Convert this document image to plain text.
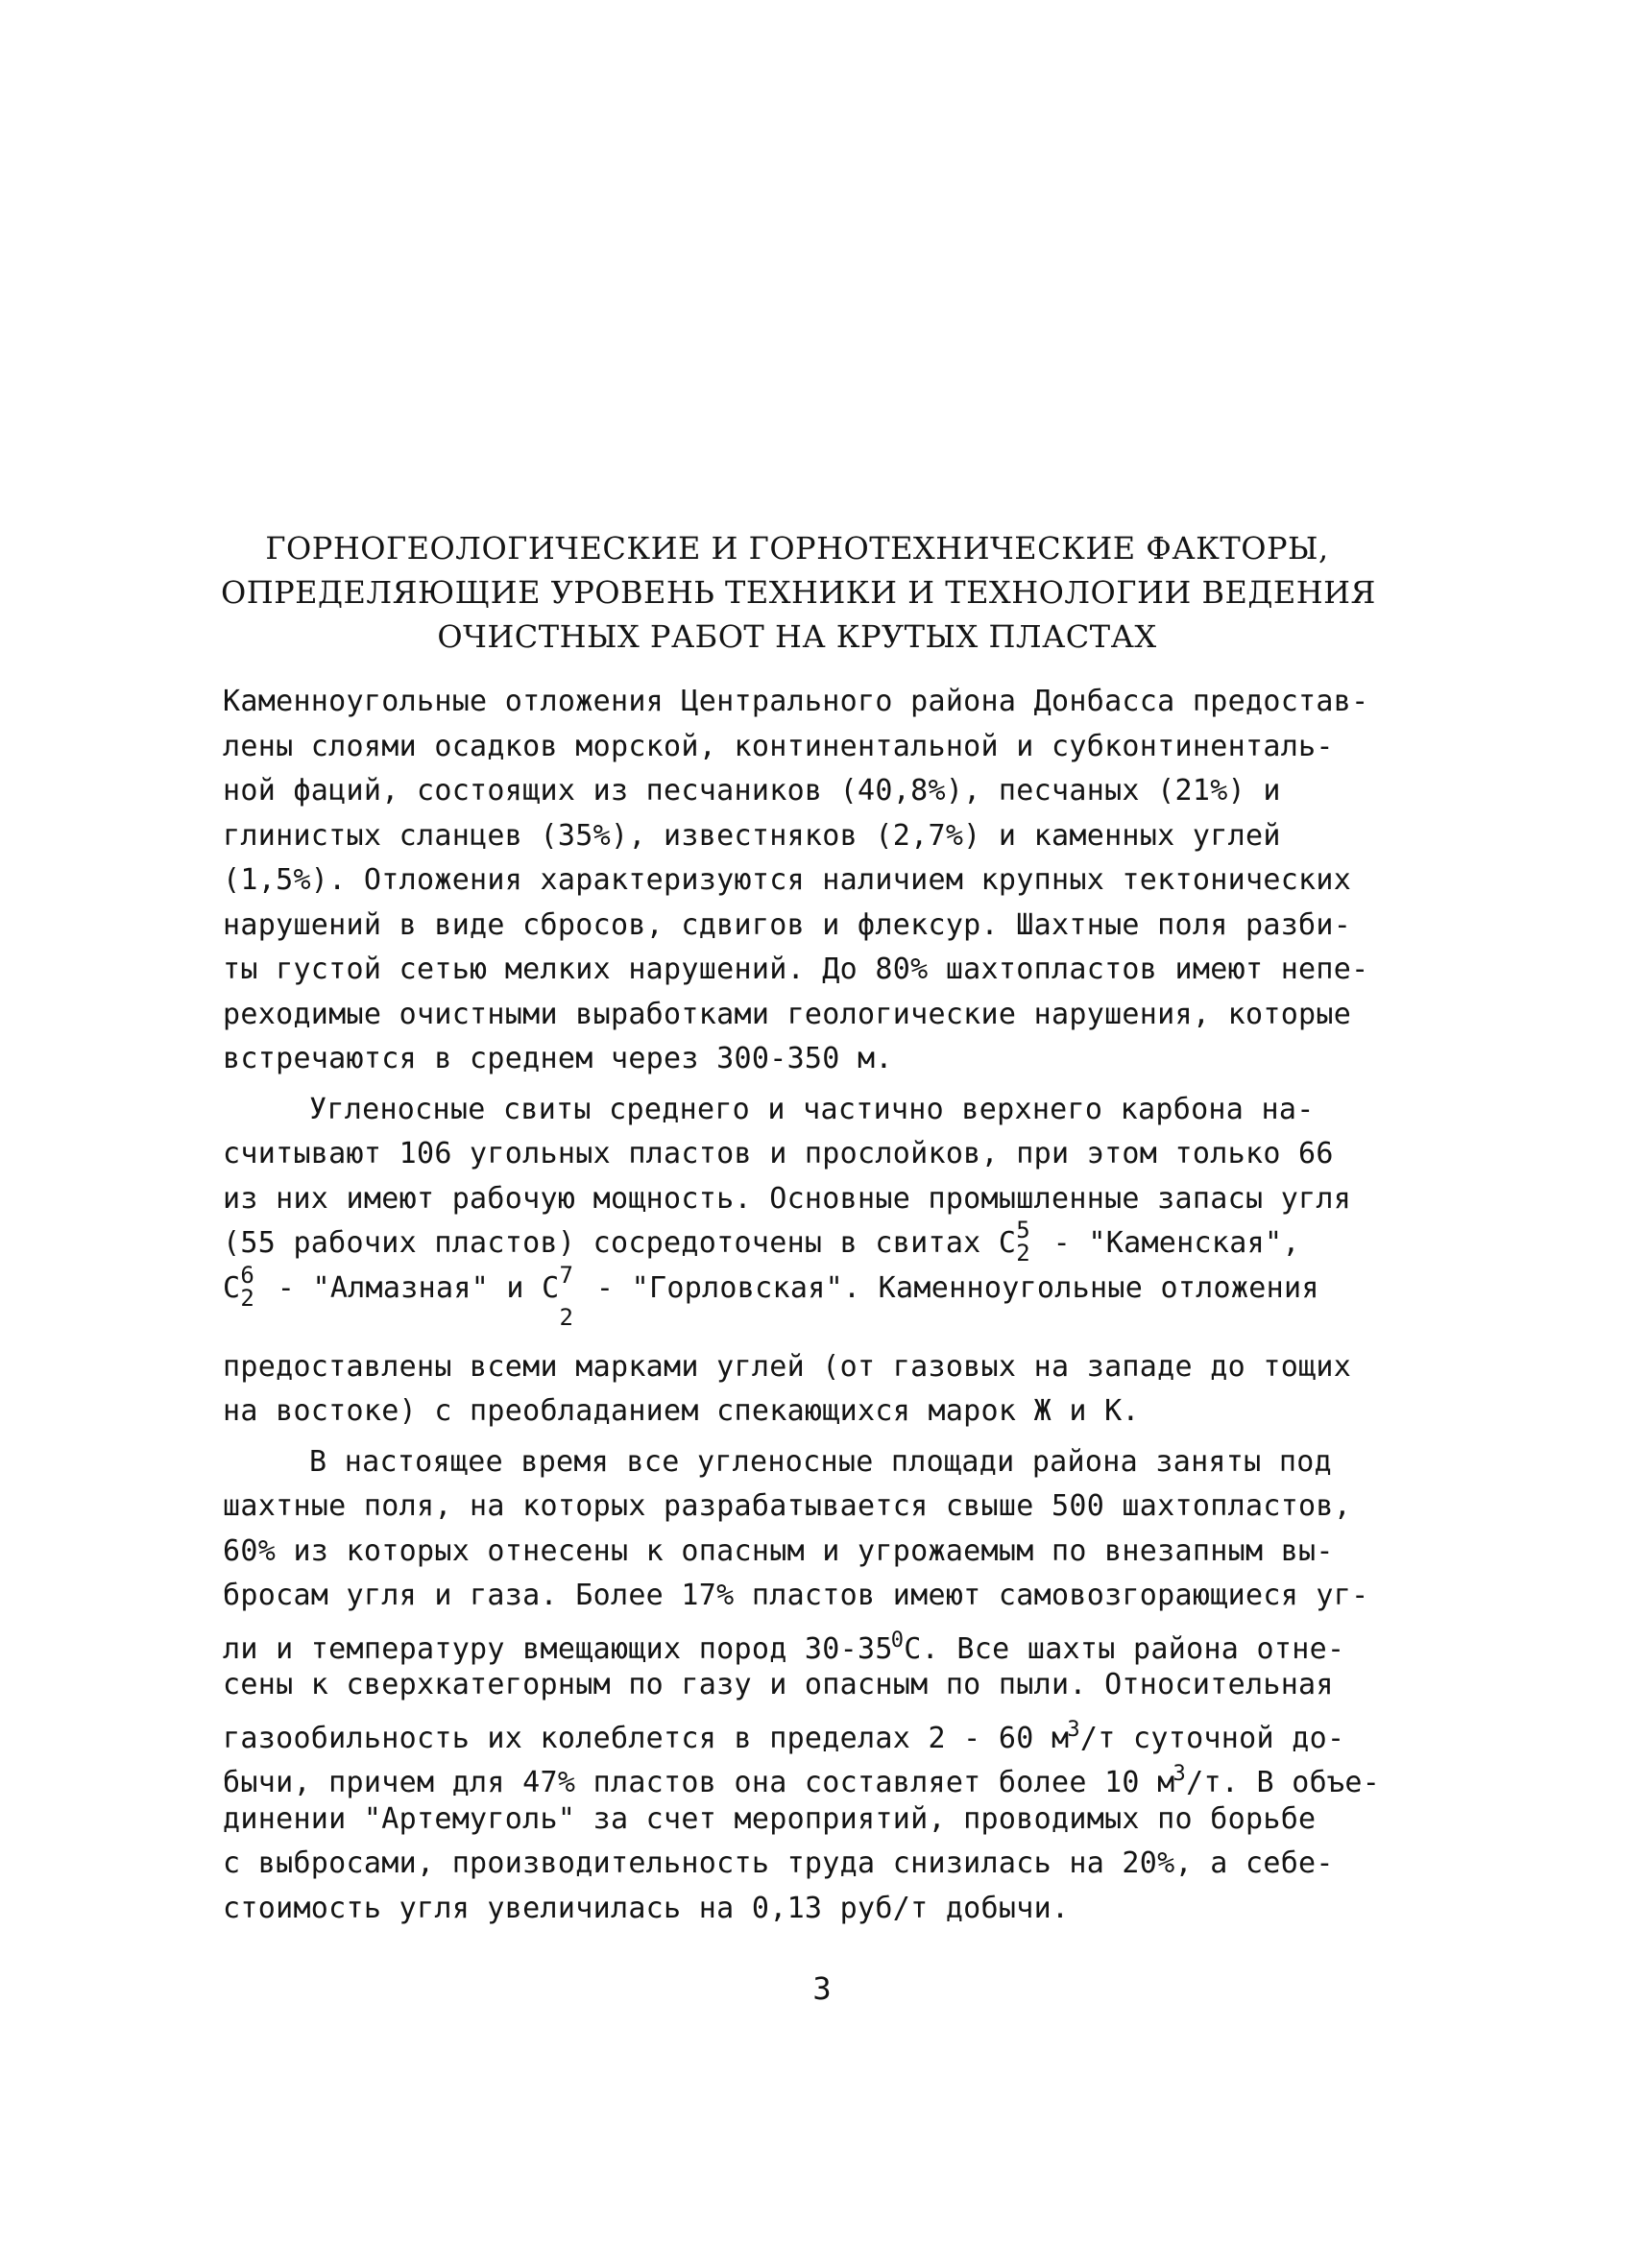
ГОРНОГЕОЛОГИЧЕСКИЕ И ГОРНОТЕХНИЧЕСКИЕ ФАКТОРЫ,
ОПРЕДЕЛЯЮЩИЕ УРОВЕНЬ ТЕХНИКИ И ТЕХНОЛОГИИ ВЕДЕНИЯ
ОЧИСТНЫХ РАБОТ НА КРУТЫХ ПЛАСТАХ
Каменноугольные отложения Центрального района Донбасса предостав-
лены слоями осадков морской, континентальной и субконтиненталь-
ной фаций, состоящих из песчаников (40,8%), песчаных (21%) и
глинистых сланцев (35%), известняков (2,7%) и каменных углей
(1,5%). Отложения характеризуются наличием крупных тектонических
нарушений в виде сбросов, сдвигов и флексур. Шахтные поля разби-
ты густой сетью мелких нарушений. До 80% шахтопластов имеют непе-
реходимые очистными выработками геологические нарушения, которые
встречаются в среднем через 300-350 м.
Угленосные свиты среднего и частично верхнего карбона на-
считывают 106 угольных пластов и прослойков, при этом только 66
из них имеют рабочую мощность. Основные промышленные запасы угля
(55 рабочих пластов) сосредоточены в свитах С 5
2 - "Каменская",
С 6
2 - "Алмазная" и С 7
2
- "Горловская". Каменноугольные отложения
предоставлены всеми марками углей (от газовых на западе до тощих
на востоке) с преобладанием спекающихся марок Ж и К.
В настоящее время все угленосные площади района заняты под
шахтные поля, на которых разрабатывается свыше 500 шахтопластов,
60% из которых отнесены к опасным и угрожаемым по внезапным вы-
бросам угля и газа. Более 17% пластов имеют самовозгорающиеся уг-
ли и температуру вмещающих пород $30-35^0С$. Все шахты района отне-
сены к сверхкатегорным по газу и опасным по пыли. Относительная
газообильность их колеблется в пределах 2 - 60 $м^3/т$ суточной до-
бычи, причем для 47% пластов она составляет более 10 $м^3/т$. В объе-
динении "Артемуголь" за счет мероприятий, проводимых по борьбе
с выбросами, производительность труда снизилась на 20%, а себе-
стоимость угля увеличилась на 0,13 руб/т добычи.
3
